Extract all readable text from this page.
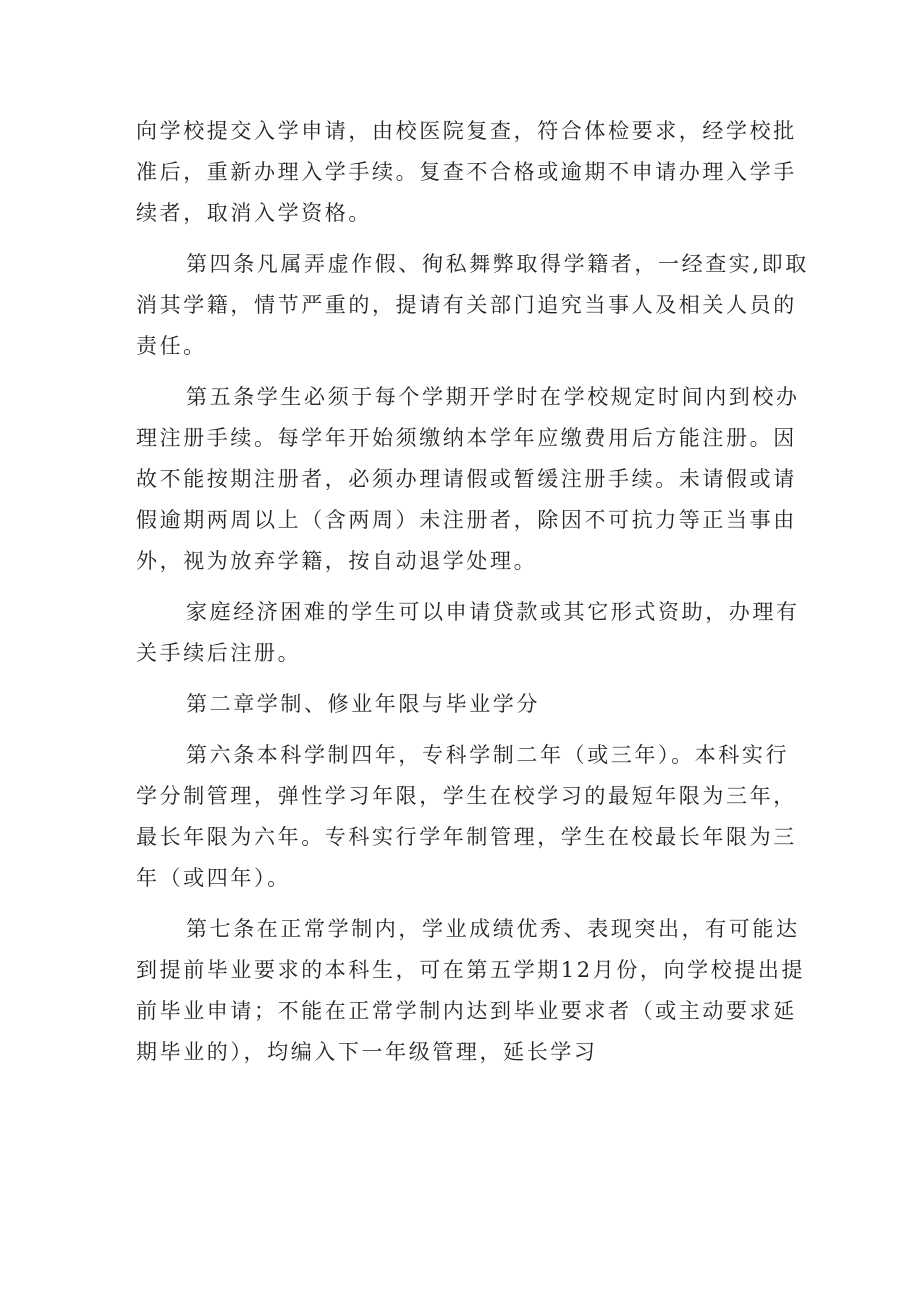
向学校提交入学申请，由校医院复查，符合体检要求，经学校批
准后，重新办理入学手续。复查不合格或逾期不申请办理入学手
续者，取消入学资格。
第四条凡属弄虚作假、徇私舞弊取得学籍者，一经查实,即取
消其学籍，情节严重的，提请有关部门追究当事人及相关人员的
责任。
第五条学生必须于每个学期开学时在学校规定时间内到校办
理注册手续。每学年开始须缴纳本学年应缴费用后方能注册。因
故不能按期注册者，必须办理请假或暂缓注册手续。未请假或请
假逾期两周以上（含两周）未注册者，除因不可抗力等正当事由
外，视为放弃学籍，按自动退学处理。
家庭经济困难的学生可以申请贷款或其它形式资助，办理有
关手续后注册。
第二章学制、修业年限与毕业学分
第六条本科学制四年，专科学制二年（或三年）。本科实行
学分制管理，弹性学习年限，学生在校学习的最短年限为三年，
最长年限为六年。专科实行学年制管理，学生在校最长年限为三
年（或四年）。
第七条在正常学制内，学业成绩优秀、表现突出，有可能达
到提前毕业要求的本科生，可在第五学期12月份，向学校提出提
前毕业申请；不能在正常学制内达到毕业要求者（或主动要求延
期毕业的），均编入下一年级管理，延长学习
